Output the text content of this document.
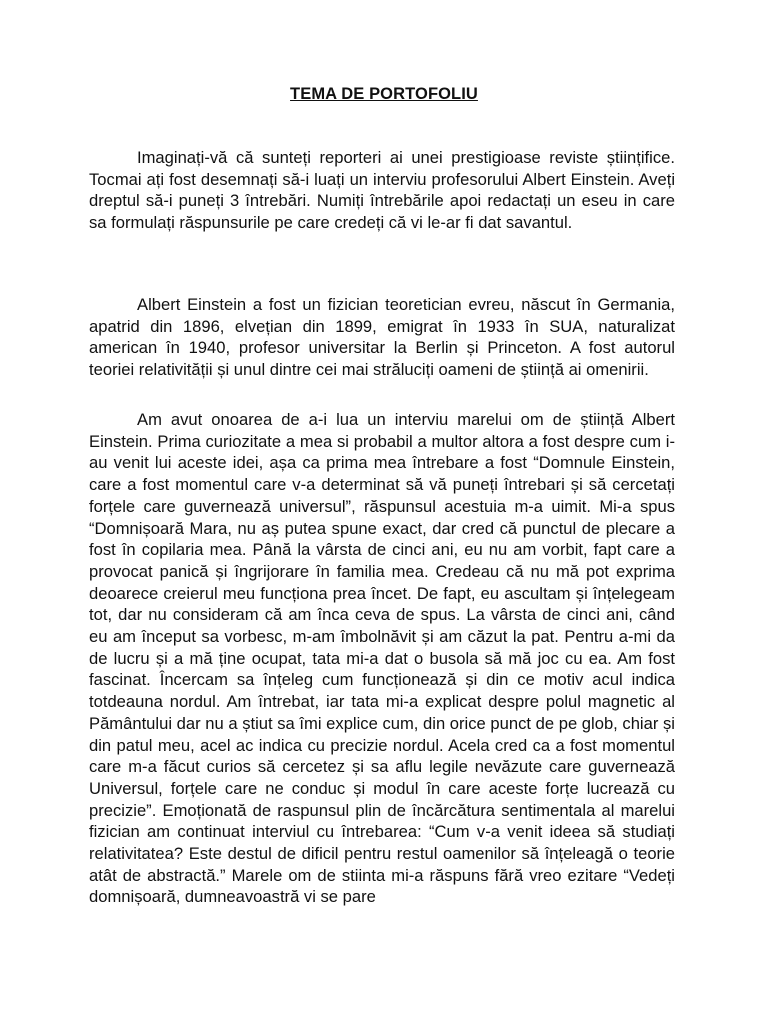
TEMA DE PORTOFOLIU

Imaginați-vă că sunteți reporteri ai unei prestigioase reviste științifice. Tocmai ați fost desemnați să-i luați un interviu profesorului Albert Einstein. Aveți dreptul să-i puneți 3 întrebări. Numiți întrebările apoi redactați un eseu in care sa formulați răspunsurile pe care credeți că vi le-ar fi dat savantul.

Albert Einstein a fost un fizician teoretician evreu, născut în Germania, apatrid din 1896, elvețian din 1899, emigrat în 1933 în SUA, naturalizat american în 1940, profesor universitar la Berlin și Princeton. A fost autorul teoriei relativității și unul dintre cei mai străluciți oameni de știință ai omenirii.

Am avut onoarea de a-i lua un interviu marelui om de știință Albert Einstein. Prima curiozitate a mea si probabil a multor altora a fost despre cum i-au venit lui aceste idei, așa ca prima mea întrebare a fost “Domnule Einstein, care a fost momentul care v-a determinat să vă puneți întrebari și să cercetați forțele care guvernează universul”, răspunsul acestuia m-a uimit. Mi-a spus “Domnișoară Mara, nu aș putea spune exact, dar cred că punctul de plecare a fost în copilaria mea. Până la vârsta de cinci ani, eu nu am vorbit, fapt care a provocat panică și îngrijorare în familia mea. Credeau că nu mă pot exprima deoarece creierul meu funcționa prea încet. De fapt, eu ascultam și înțelegeam tot, dar nu consideram că am înca ceva de spus. La vârsta de cinci ani, când eu am început sa vorbesc, m-am îmbolnăvit și am căzut la pat. Pentru a-mi da de lucru și a mă ține ocupat, tata mi-a dat o busola să mă joc cu ea. Am fost fascinat. Încercam sa înțeleg cum funcționează și din ce motiv acul indica totdeauna nordul. Am întrebat, iar tata mi-a explicat despre polul magnetic al Pământului dar nu a știut sa îmi explice cum, din orice punct de pe glob, chiar și din patul meu, acel ac indica cu precizie nordul. Acela cred ca a fost momentul care m-a făcut curios să cercetez și sa aflu legile nevăzute care guvernează Universul, forțele care ne conduc și modul în care aceste forțe lucrează cu precizie”. Emoționată de raspunsul plin de încărcătura sentimentala al marelui fizician am continuat interviul cu întrebarea: “Cum v-a venit ideea să studiați relativitatea? Este destul de dificil pentru restul oamenilor să înțeleagă o teorie atât de abstractă.” Marele om de stiinta mi-a răspuns fără vreo ezitare “Vedeți domnișoară, dumneavoastră vi se pare
